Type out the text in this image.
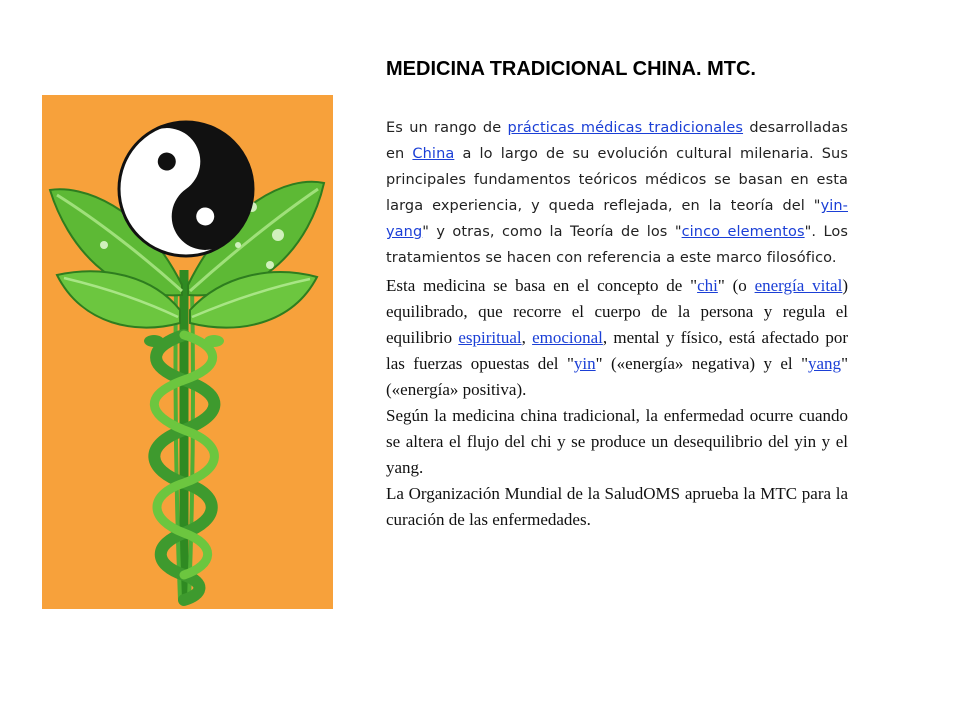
MEDICINA TRADICIONAL CHINA. MTC.

Es un rango de prácticas médicas tradicionales desarrolladas en China a lo largo de su evolución cultural milenaria. Sus principales fundamentos teóricos médicos se basan en esta larga experiencia, y queda reflejada, en la teoría del "yin-yang" y otras, como la Teoría de los "cinco elementos". Los tratamientos se hacen con referencia a este marco filosófico.

Esta medicina se basa en el concepto de "chi" (o energía vital) equilibrado, que recorre el cuerpo de la persona y regula el equilibrio espiritual, emocional, mental y físico, está afectado por las fuerzas opuestas del "yin" («energía» negativa) y el "yang" («energía» positiva).

Según la medicina china tradicional, la enfermedad ocurre cuando se altera el flujo del chi y se produce un desequilibrio del yin y el yang.

La Organización Mundial de la SaludOMS aprueba la MTC para la curación de las enfermedades.
